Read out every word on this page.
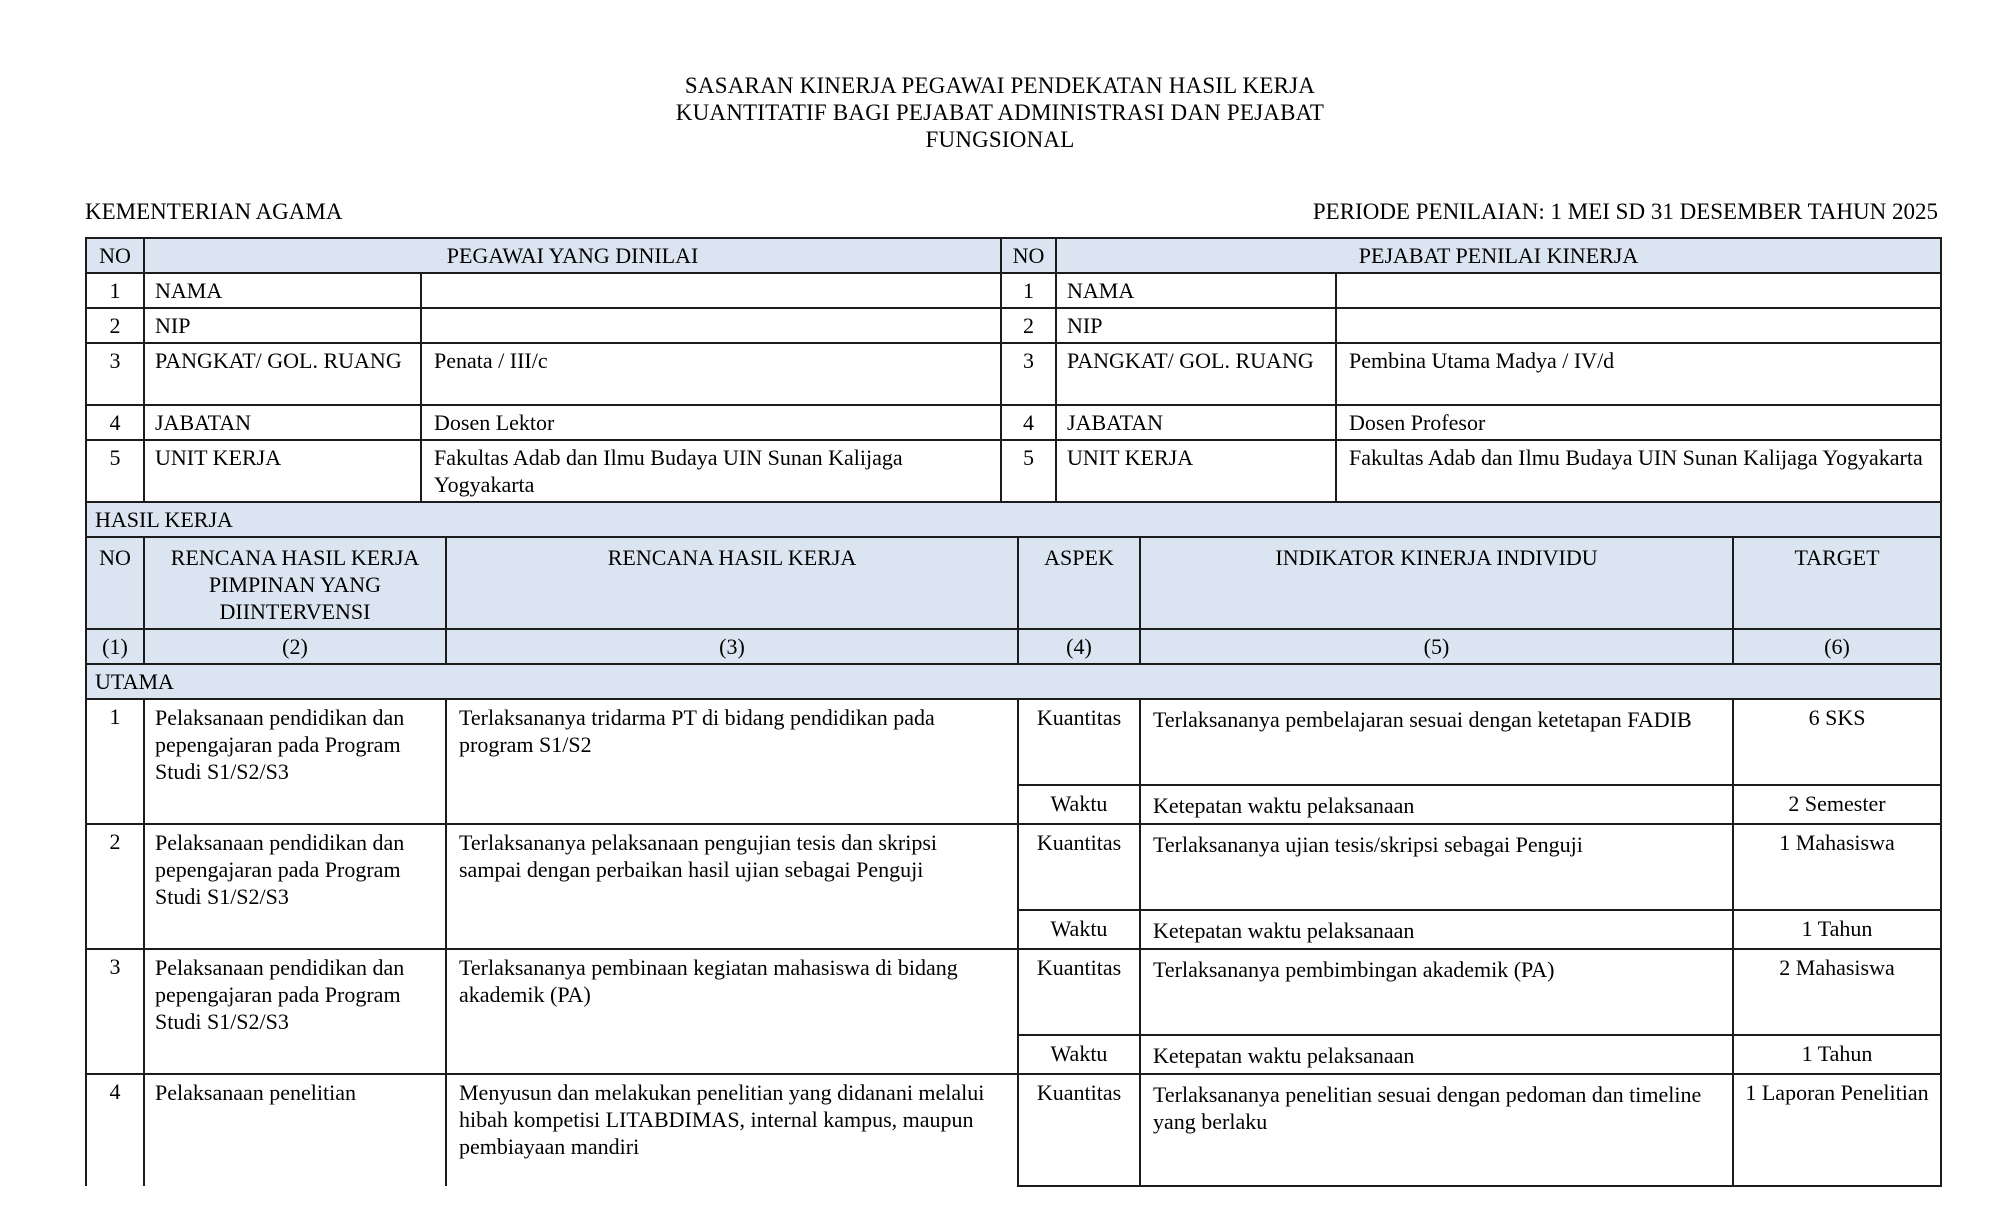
SASARAN KINERJA PEGAWAI PENDEKATAN HASIL KERJA
KUANTITATIF BAGI PEJABAT ADMINISTRASI DAN PEJABAT
FUNGSIONAL
KEMENTERIAN AGAMA	PERIODE PENILAIAN: 1 MEI SD 31 DESEMBER TAHUN 2025
NO	PEGAWAI YANG DINILAI		NO	PEJABAT PENILAI KINERJA	
1	NAMA		1	NAMA	
2	NIP		2	NIP	
3	PANGKAT/ GOL. RUANG	Penata / III/c	3	PANGKAT/ GOL. RUANG	Pembina Utama Madya / IV/d
4	JABATAN	Dosen Lektor	4	JABATAN	Dosen Profesor
5	UNIT KERJA	Fakultas Adab dan Ilmu Budaya UIN Sunan Kalijaga Yogyakarta	5	UNIT KERJA	Fakultas Adab dan Ilmu Budaya UIN Sunan Kalijaga Yogyakarta
HASIL KERJA					
NO	RENCANA HASIL KERJA PIMPINAN YANG DIINTERVENSI	RENCANA HASIL KERJA	ASPEK	INDIKATOR KINERJA INDIVIDU	TARGET
(1)	(2)	(3)	(4)	(5)	(6)
UTAMA					
1	Pelaksanaan pendidikan dan pepengajaran pada Program Studi S1/S2/S3	Terlaksananya tridarma PT di bidang pendidikan pada program S1/S2	Kuantitas	Terlaksananya pembelajaran sesuai dengan ketetapan FADIB	6 SKS
			Waktu	Ketepatan waktu pelaksanaan	2 Semester
2	Pelaksanaan pendidikan dan pepengajaran pada Program Studi S1/S2/S3	Terlaksananya pelaksanaan pengujian tesis dan skripsi sampai dengan perbaikan hasil ujian sebagai Penguji	Kuantitas	Terlaksananya ujian tesis/skripsi sebagai Penguji	1 Mahasiswa
			Waktu	Ketepatan waktu pelaksanaan	1 Tahun
3	Pelaksanaan pendidikan dan pepengajaran pada Program Studi S1/S2/S3	Terlaksananya pembinaan kegiatan mahasiswa di bidang akademik (PA)	Kuantitas	Terlaksananya pembimbingan akademik (PA)	2 Mahasiswa
			Waktu	Ketepatan waktu pelaksanaan	1 Tahun
4	Pelaksanaan penelitian	Menyusun dan melakukan penelitian yang didanani melalui hibah kompetisi LITABDIMAS, internal kampus, maupun pembiayaan mandiri	Kuantitas	Terlaksananya penelitian sesuai dengan pedoman dan timeline yang berlaku	1 Laporan Penelitian
